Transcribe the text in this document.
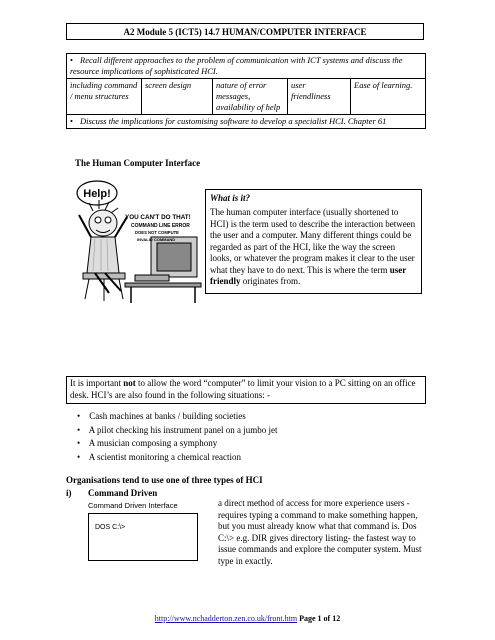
A2 Module 5 (ICT5) 14.7 HUMAN/COMPUTER INTERFACE
• Recall different approaches to the problem of communication with ICT systems and discuss the resource implications of sophisticated HCI.
including command / menu structures	screen design	nature of error messages, availability of help	user friendliness	Ease of learning.
• Discuss the implications for customising software to develop a specialist HCI. Chapter 61
The Human Computer Interface
Help!
YOU CAN'T DO THAT!
COMMAND LINE ERROR
DOES NOT COMPUTE
INVALID COMMAND
What is it?
The human computer interface (usually shortened to HCI) is the term used to describe the interaction between the user and a computer. Many different things could be regarded as part of the HCI, like the way the screen looks, or whatever the program makes it clear to the user what they have to do next. This is where the term user friendly originates from.
It is important not to allow the word “computer” to limit your vision to a PC sitting on an office desk. HCI’s are also found in the following situations: -
• Cash machines at banks / building societies
• A pilot checking his instrument panel on a jumbo jet
• A musician composing a symphony
• A scientist monitoring a chemical reaction
Organisations tend to use one of three types of HCI
i) Command Driven
Command Driven Interface
DOS C:\>
a direct method of access for more experience users - requires typing a command to make something happen, but you must already know what that command is. Dos C:\> e.g. DIR gives directory listing- the fastest way to issue commands and explore the computer system. Must type in exactly.
http://www.nchadderton.zen.co.uk/front.htm Page 1 of 12
